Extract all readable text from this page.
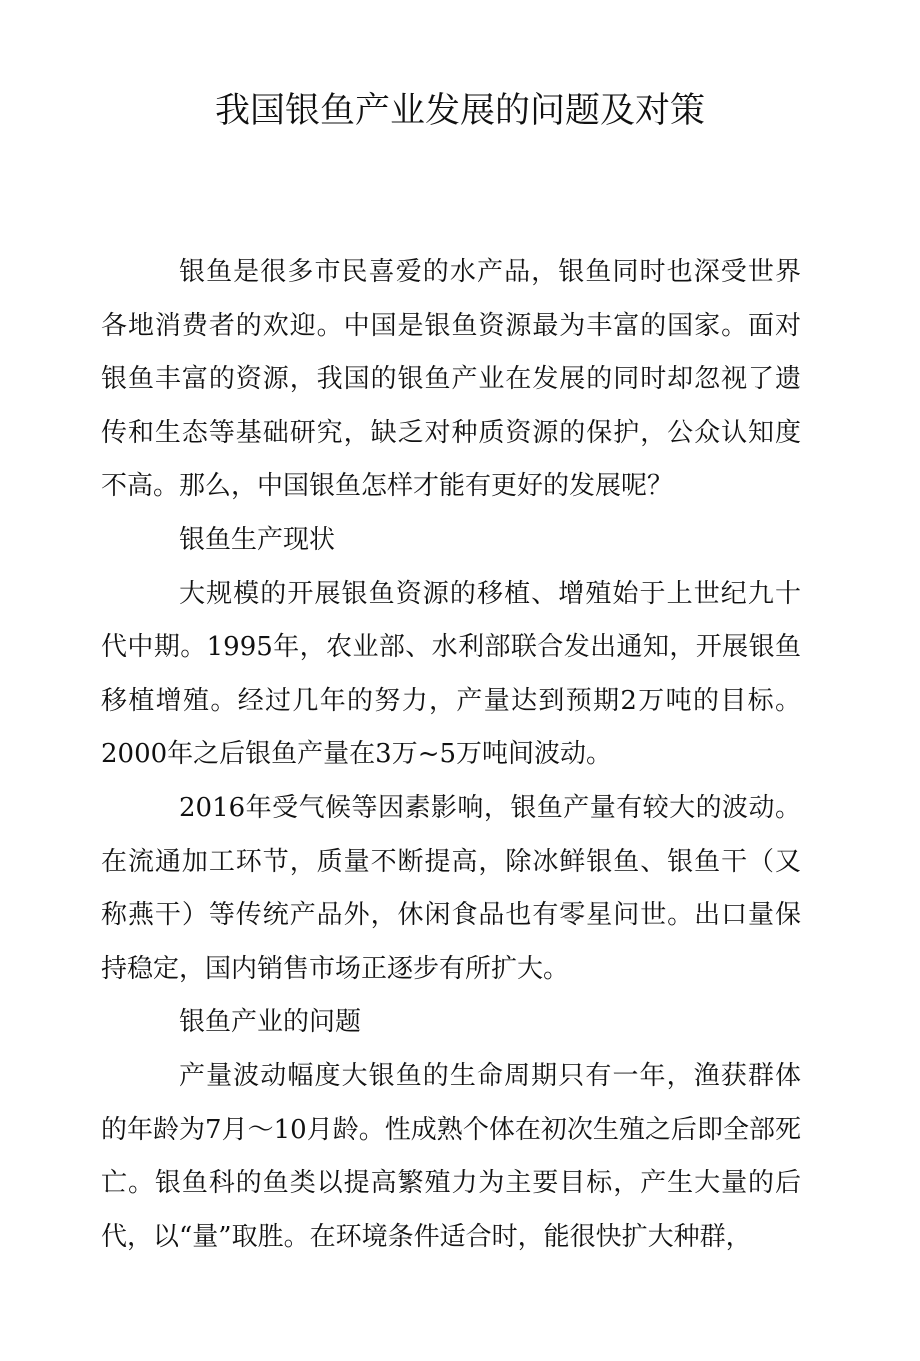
我国银鱼产业发展的问题及对策

银鱼是很多市民喜爱的水产品，银鱼同时也深受世界各地消费者的欢迎。中国是银鱼资源最为丰富的国家。面对银鱼丰富的资源，我国的银鱼产业在发展的同时却忽视了遗传和生态等基础研究，缺乏对种质资源的保护，公众认知度不高。那么，中国银鱼怎样才能有更好的发展呢？

银鱼生产现状

大规模的开展银鱼资源的移植、增殖始于上世纪九十代中期。1995年，农业部、水利部联合发出通知，开展银鱼移植增殖。经过几年的努力，产量达到预期2万吨的目标。2000年之后银鱼产量在3万~5万吨间波动。

2016年受气候等因素影响，银鱼产量有较大的波动。在流通加工环节，质量不断提高，除冰鲜银鱼、银鱼干（又称燕干）等传统产品外，休闲食品也有零星问世。出口量保持稳定，国内销售市场正逐步有所扩大。

银鱼产业的问题

产量波动幅度大银鱼的生命周期只有一年，渔获群体的年龄为7月～10月龄。性成熟个体在初次生殖之后即全部死亡。银鱼科的鱼类以提高繁殖力为主要目标，产生大量的后代，以“量”取胜。在环境条件适合时，能很快扩大种群，
